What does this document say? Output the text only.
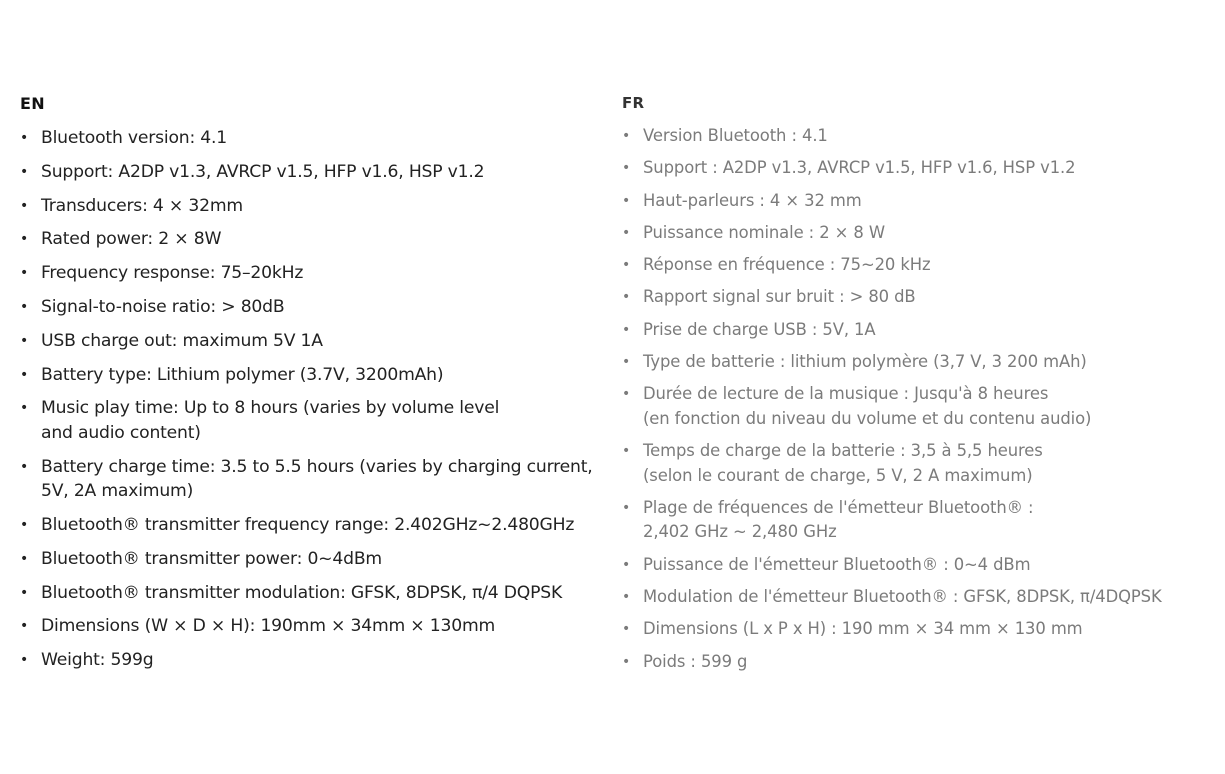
EN
• Bluetooth version: 4.1
• Support: A2DP v1.3, AVRCP v1.5, HFP v1.6, HSP v1.2
• Transducers: 4 × 32mm
• Rated power: 2 × 8W
• Frequency response: 75–20kHz
• Signal-to-noise ratio: > 80dB
• USB charge out: maximum 5V 1A
• Battery type: Lithium polymer (3.7V, 3200mAh)
• Music play time: Up to 8 hours (varies by volume level
and audio content)
• Battery charge time: 3.5 to 5.5 hours (varies by charging current,
5V, 2A maximum)
• Bluetooth® transmitter frequency range: 2.402GHz~2.480GHz
• Bluetooth® transmitter power: 0~4dBm
• Bluetooth® transmitter modulation: GFSK, 8DPSK, π/4 DQPSK
• Dimensions (W × D × H): 190mm × 34mm × 130mm
• Weight: 599g
FR
• Version Bluetooth : 4.1
• Support : A2DP v1.3, AVRCP v1.5, HFP v1.6, HSP v1.2
• Haut-parleurs : 4 × 32 mm
• Puissance nominale : 2 × 8 W
• Réponse en fréquence : 75~20 kHz
• Rapport signal sur bruit : > 80 dB
• Prise de charge USB : 5V, 1A
• Type de batterie : lithium polymère (3,7 V, 3 200 mAh)
• Durée de lecture de la musique : Jusqu'à 8 heures
(en fonction du niveau du volume et du contenu audio)
• Temps de charge de la batterie : 3,5 à 5,5 heures
(selon le courant de charge, 5 V, 2 A maximum)
• Plage de fréquences de l'émetteur Bluetooth® :
2,402 GHz ~ 2,480 GHz
• Puissance de l'émetteur Bluetooth® : 0~4 dBm
• Modulation de l'émetteur Bluetooth® : GFSK, 8DPSK, π/4DQPSK
• Dimensions (L x P x H) : 190 mm × 34 mm × 130 mm
• Poids : 599 g
